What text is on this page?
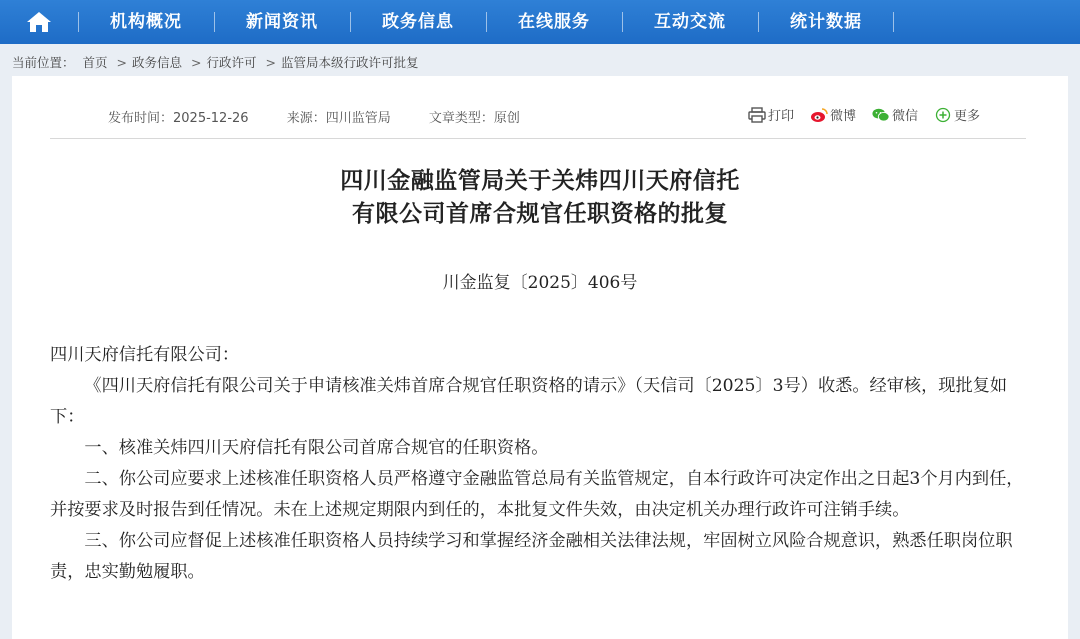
机构概况	新闻资讯	政务信息	在线服务	互动交流	统计数据
当前位置： 首页 > 政务信息 > 行政许可 > 监管局本级行政许可批复
发布时间：2025-12-26	来源：四川监管局	文章类型：原创	打印	微博	微信	更多
四川金融监管局关于关炜四川天府信托
有限公司首席合规官任职资格的批复
川金监复〔2025〕406号

四川天府信托有限公司：

《四川天府信托有限公司关于申请核准关炜首席合规官任职资格的请示》（天信司〔2025〕3号）收悉。经审核，现批复如下：

一、核准关炜四川天府信托有限公司首席合规官的任职资格。

二、你公司应要求上述核准任职资格人员严格遵守金融监管总局有关监管规定，自本行政许可决定作出之日起3个月内到任，并按要求及时报告到任情况。未在上述规定期限内到任的，本批复文件失效，由决定机关办理行政许可注销手续。

三、你公司应督促上述核准任职资格人员持续学习和掌握经济金融相关法律法规，牢固树立风险合规意识，熟悉任职岗位职责，忠实勤勉履职。
